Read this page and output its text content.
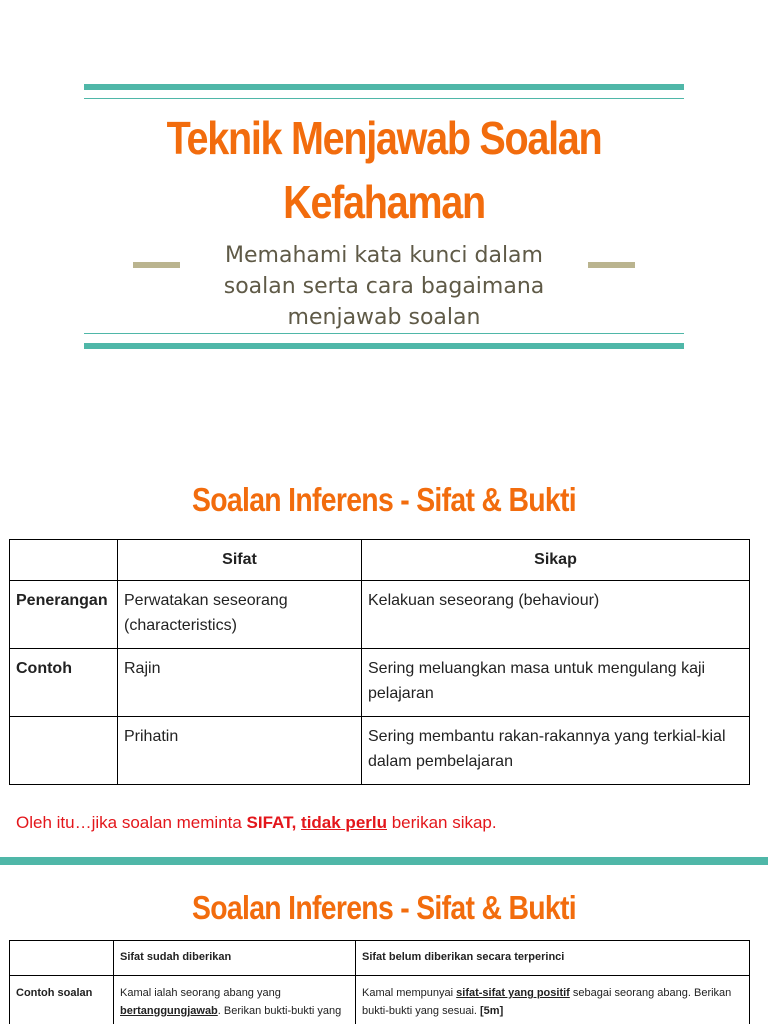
Teknik Menjawab Soalan Kefahaman
Memahami kata kunci dalam soalan serta cara bagaimana menjawab soalan
Soalan Inferens - Sifat & Bukti

	Sifat	Sikap

Penerangan	Perwatakan seseorang (characteristics)	Kelakuan seseorang (behaviour)

Contoh	Rajin	Sering meluangkan masa untuk mengulang kaji pelajaran

	Prihatin	Sering membantu rakan-rakannya yang terkial-kial dalam pembelajaran
Oleh itu…jika soalan meminta SIFAT, tidak perlu berikan sikap.
Soalan Inferens - Sifat & Bukti

	Sifat sudah diberikan	Sifat belum diberikan secara terperinci

Contoh soalan	Kamal ialah seorang abang yang bertanggungjawab. Berikan bukti-bukti yang	Kamal mempunyai sifat-sifat yang positif sebagai seorang abang. Berikan bukti-bukti yang sesuai. [5m]
